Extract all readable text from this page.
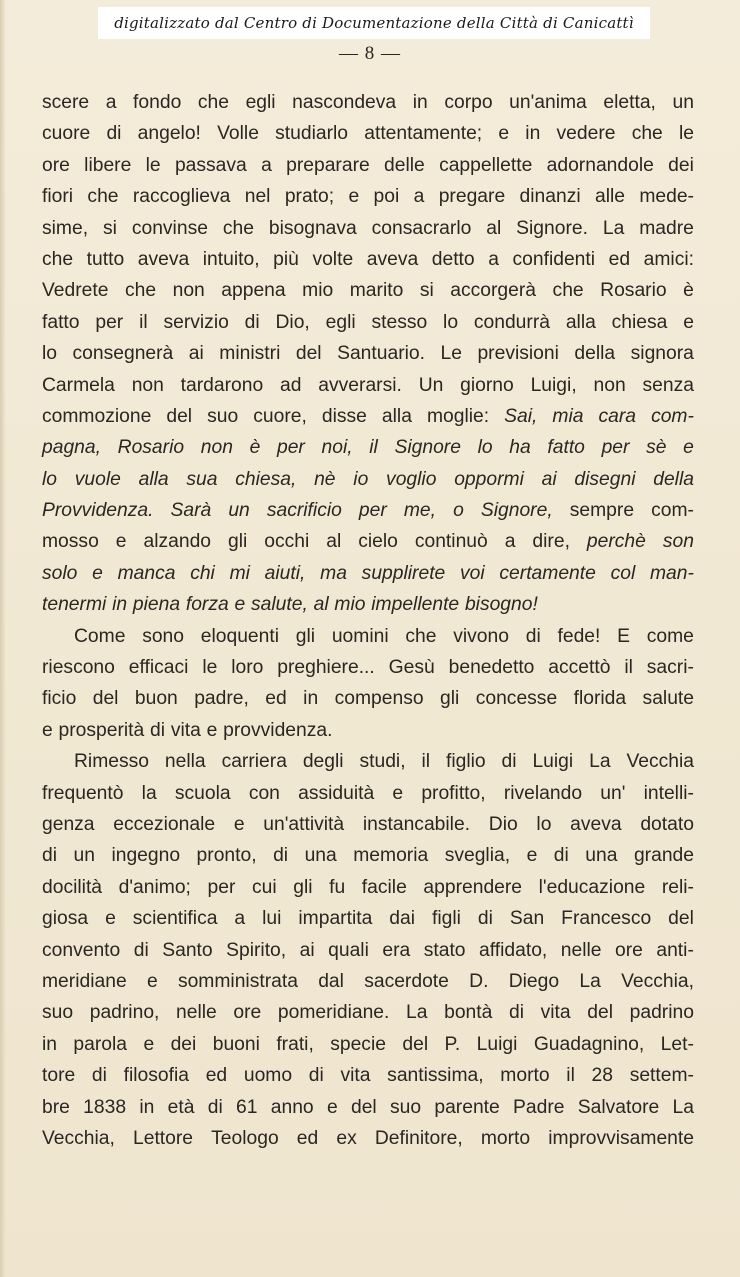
digitalizzato dal Centro di Documentazione della Città di Canicattì
— 8 —
scere a fondo che egli nascondeva in corpo un'anima eletta, un
cuore di angelo! Volle studiarlo attentamente; e in vedere che le
ore libere le passava a preparare delle cappellette adornandole dei
fiori che raccoglieva nel prato; e poi a pregare dinanzi alle mede-
sime, si convinse che bisognava consacrarlo al Signore. La madre
che tutto aveva intuito, più volte aveva detto a confidenti ed amici:
Vedrete che non appena mio marito si accorgerà che Rosario è
fatto per il servizio di Dio, egli stesso lo condurrà alla chiesa e
lo consegnerà ai ministri del Santuario. Le previsioni della signora
Carmela non tardarono ad avverarsi. Un giorno Luigi, non senza
commozione del suo cuore, disse alla moglie: Sai, mia cara com-
pagna, Rosario non è per noi, il Signore lo ha fatto per sè e
lo vuole alla sua chiesa, nè io voglio oppormi ai disegni della
Provvidenza. Sarà un sacrificio per me, o Signore, sempre com-
mosso e alzando gli occhi al cielo continuò a dire, perchè son
solo e manca chi mi aiuti, ma supplirete voi certamente col man-
tenermi in piena forza e salute, al mio impellente bisogno!
Come sono eloquenti gli uomini che vivono di fede! E come
riescono efficaci le loro preghiere... Gesù benedetto accettò il sacri-
ficio del buon padre, ed in compenso gli concesse florida salute
e prosperità di vita e provvidenza.
Rimesso nella carriera degli studi, il figlio di Luigi La Vecchia
frequentò la scuola con assiduità e profitto, rivelando un' intelli-
genza eccezionale e un'attività instancabile. Dio lo aveva dotato
di un ingegno pronto, di una memoria sveglia, e di una grande
docilità d'animo; per cui gli fu facile apprendere l'educazione reli-
giosa e scientifica a lui impartita dai figli di San Francesco del
convento di Santo Spirito, ai quali era stato affidato, nelle ore anti-
meridiane e somministrata dal sacerdote D. Diego La Vecchia,
suo padrino, nelle ore pomeridiane. La bontà di vita del padrino
in parola e dei buoni frati, specie del P. Luigi Guadagnino, Let-
tore di filosofia ed uomo di vita santissima, morto il 28 settem-
bre 1838 in età di 61 anno e del suo parente Padre Salvatore La
Vecchia, Lettore Teologo ed ex Definitore, morto improvvisamente
